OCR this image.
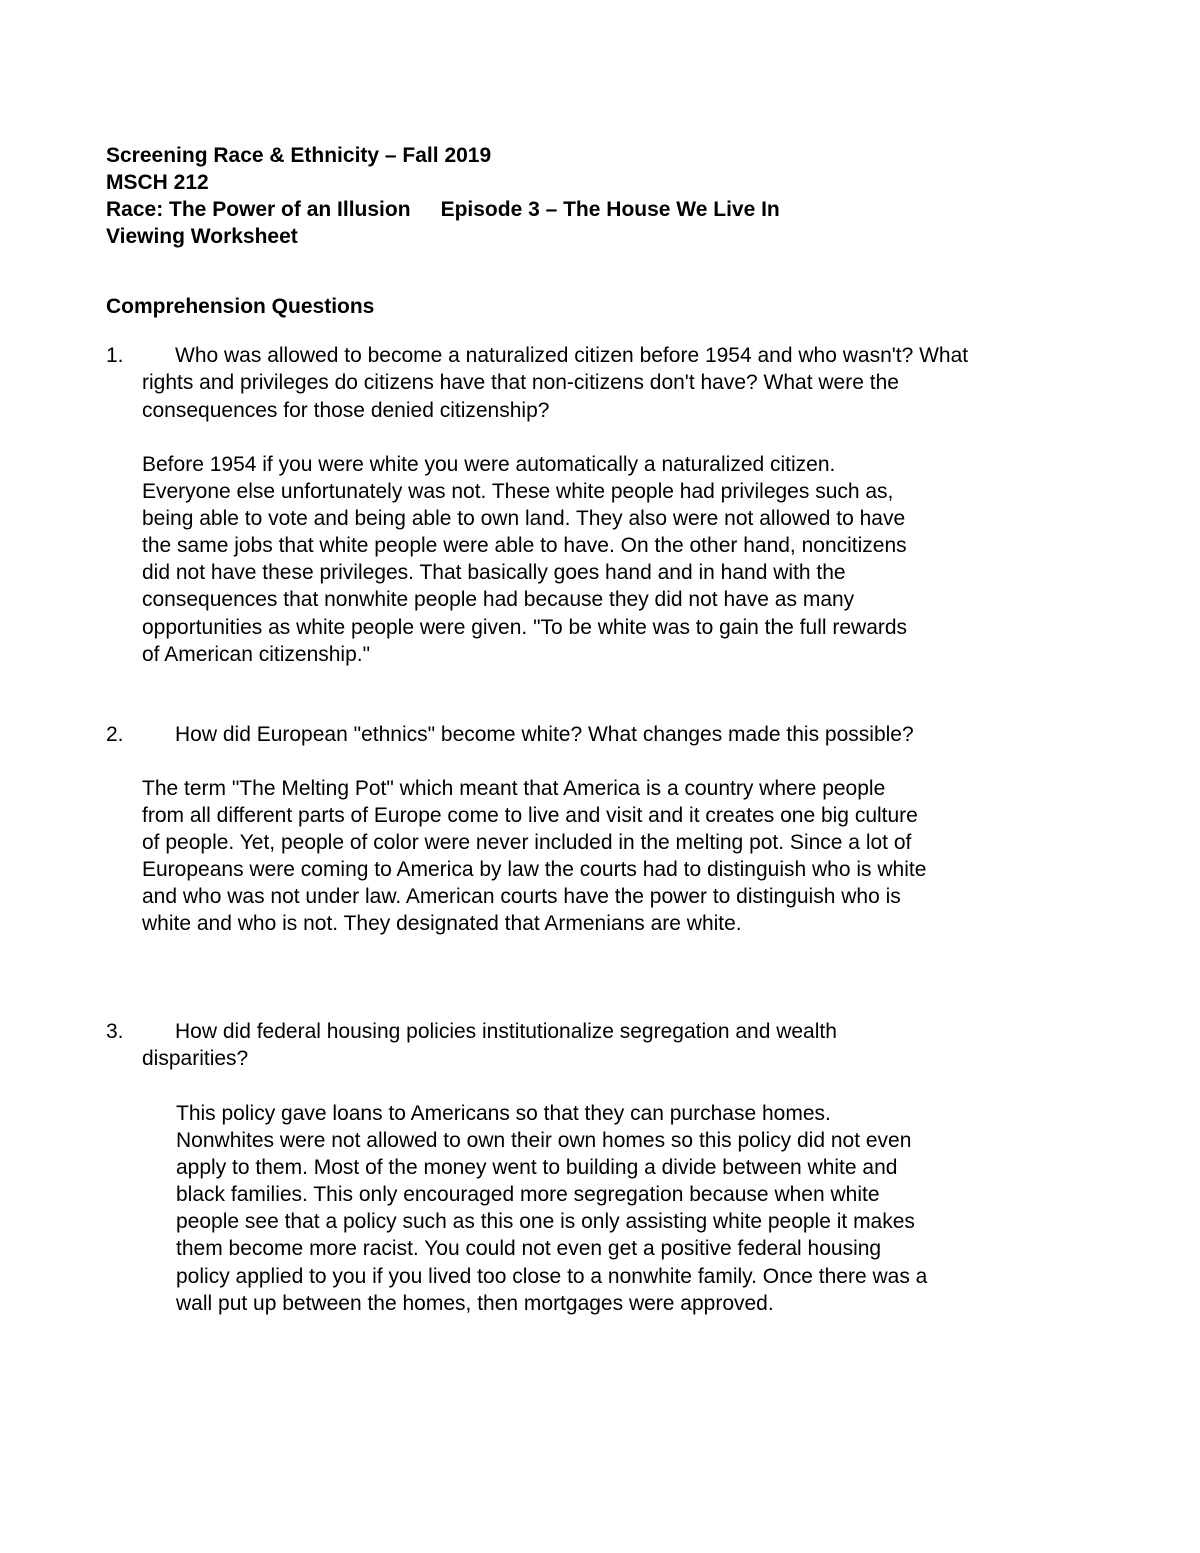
Screening Race & Ethnicity – Fall 2019
MSCH 212
Race: The Power of an Illusion Episode 3 – The House We Live In
Viewing Worksheet
Comprehension Questions
1.	Who was allowed to become a naturalized citizen before 1954 and who wasn't? What rights and privileges do citizens have that non-citizens don't have? What were the consequences for those denied citizenship?
Before 1954 if you were white you were automatically a naturalized citizen.
Everyone else unfortunately was not. These white people had privileges such as,
being able to vote and being able to own land. They also were not allowed to have
the same jobs that white people were able to have. On the other hand, noncitizens
did not have these privileges. That basically goes hand and in hand with the
consequences that nonwhite people had because they did not have as many
opportunities as white people were given. "To be white was to gain the full rewards
of American citizenship."
2.	How did European "ethnics" become white? What changes made this possible?
The term "The Melting Pot" which meant that America is a country where people
from all different parts of Europe come to live and visit and it creates one big culture
of people. Yet, people of color were never included in the melting pot. Since a lot of
Europeans were coming to America by law the courts had to distinguish who is white
and who was not under law. American courts have the power to distinguish who is
white and who is not. They designated that Armenians are white.
3.	How did federal housing policies institutionalize segregation and wealth disparities?
This policy gave loans to Americans so that they can purchase homes.
Nonwhites were not allowed to own their own homes so this policy did not even
apply to them. Most of the money went to building a divide between white and
black families. This only encouraged more segregation because when white
people see that a policy such as this one is only assisting white people it makes
them become more racist. You could not even get a positive federal housing
policy applied to you if you lived too close to a nonwhite family. Once there was a
wall put up between the homes, then mortgages were approved.
